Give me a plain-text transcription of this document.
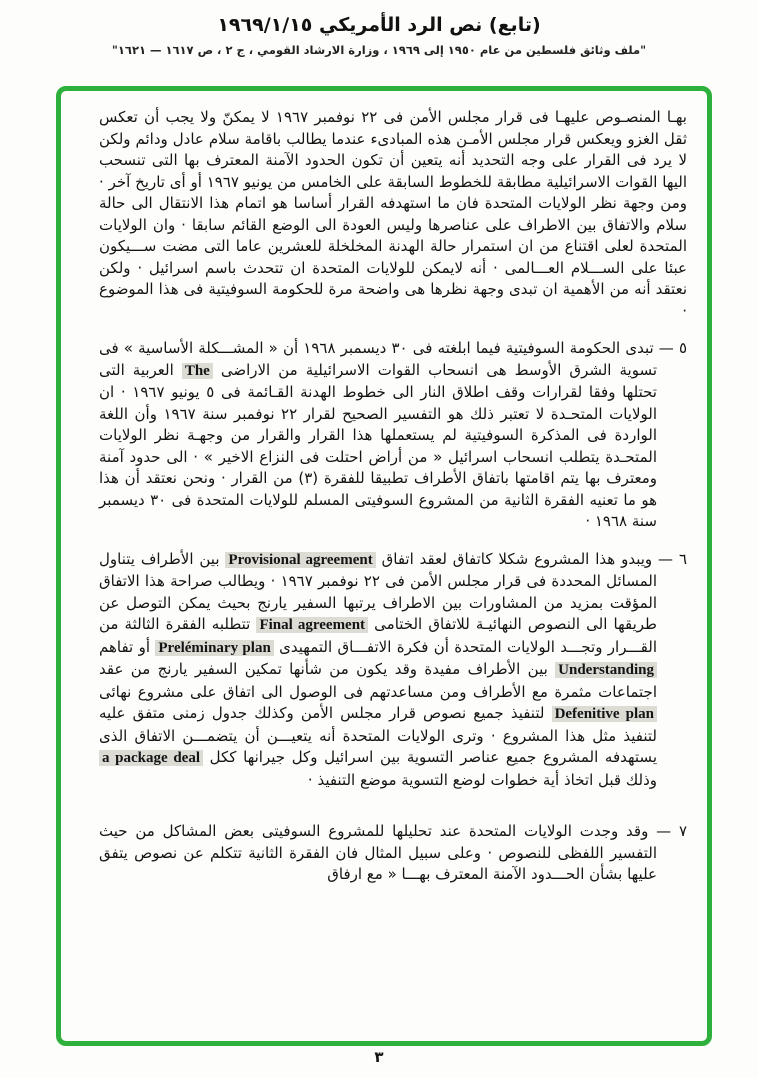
(تابع) نص الرد الأمريكي ١٩٦٩/١/١٥
"ملف وثائق فلسطين من عام ١٩٥٠ إلى ١٩٦٩ ، وزارة الارشاد القومي ، ج ٢ ، ص ١٦١٧ — ١٦٢١"

بهـا المنصـوص عليهـا فى قرار مجلس الأمن فى ٢٢ نوفمبر ١٩٦٧ لا يمكنّ ولا يجب أن تعكس ثقل الغزو ويعكس قرار مجلس الأمـن هذه المبادىء عندما يطالب باقامة سلام عادل ودائم ولكن لا يرد فى القرار على وجه التحديد أنه يتعين أن تكون الحدود الآمنة المعترف بها التى تنسحب اليها القوات الاسرائيلية مطابقة للخطوط السابقة على الخامس من يونيو ١٩٦٧ أو أى تاريخ آخر · ومن وجهة نظر الولايات المتحدة فان ما استهدفه القرار أساسا هو اتمام هذا الانتقال الى حالة سلام والاتفاق بين الاطراف على عناصرها وليس العودة الى الوضع القائم سابقا · وان الولايات المتحدة لعلى اقتناع من ان استمرار حالة الهدنة المخلخلة للعشرين عاما التى مضت ســـيكون عبئا على الســـلام العـــالمى · أنه لايمكن للولايات المتحدة ان تتحدث باسم اسرائيل · ولكن نعتقد أنه من الأهمية ان تبدى وجهة نظرها هى واضحة مرة للحكومة السوفيتية فى هذا الموضوع ·

٥ — تبدى الحكومة السوفيتية فيما ابلغته فى ٣٠ ديسمبر ١٩٦٨ أن « المشـــكلة الأساسية » فى تسوية الشرق الأوسط هى انسحاب القوات الاسرائيلية من الاراضى The العربية التى تحتلها وفقا لقرارات وقف اطلاق النار الى خطوط الهدنة القـائمة فى ٥ يونيو ١٩٦٧ · ان الولايات المتحـدة لا تعتبر ذلك هو التفسير الصحيح لقرار ٢٢ نوفمبر سنة ١٩٦٧ وأن اللغة الواردة فى المذكرة السوفيتية لم يستعملها هذا القرار والقرار من وجهـة نظر الولايات المتحـدة يتطلب انسحاب اسرائيل « من أراض احتلت فى النزاع الاخير » · الى حدود آمنة ومعترف بها يتم اقامتها باتفاق الأطراف تطبيقا للفقرة (٣) من القرار · ونحن نعتقد أن هذا هو ما تعنيه الفقرة الثانية من المشروع السوفيتى المسلم للولايات المتحدة فى ٣٠ ديسمبر سنة ١٩٦٨ ·

٦ — ويبدو هذا المشروع شكلا كاتفاق لعقد اتفاق Provisional agreement بين الأطراف يتناول المسائل المحددة فى قرار مجلس الأمن فى ٢٢ نوفمبر ١٩٦٧ · ويطالب صراحة هذا الاتفاق المؤقت بمزيد من المشاورات بين الاطراف يرتبها السفير يارنج بحيث يمكن التوصل عن طريقها الى النصوص النهائيـة للاتفاق الختامى Final agreement تتطلبه الفقرة الثالثة من القـــرار وتجـــد الولايات المتحدة أن فكرة الاتفـــاق التمهيدى Preléminary plan أو تفاهم Understanding بين الأطراف مفيدة وقد يكون من شأنها تمكين السفير يارنج من عقد اجتماعات مثمرة مع الأطراف ومن مساعدتهم فى الوصول الى اتفاق على مشروع نهائى Defenitive plan لتنفيذ جميع نصوص قرار مجلس الأمن وكذلك جدول زمنى متفق عليه لتنفيذ مثل هذا المشروع · وترى الولايات المتحدة أنه يتعيـــن أن يتضمـــن الاتفاق الذى يستهدفه المشروع جميع عناصر التسوية بين اسرائيل وكل جيرانها ككل a package deal وذلك قبل اتخاذ أية خطوات لوضع التسوية موضع التنفيذ ·

٧ — وقد وجدت الولايات المتحدة عند تحليلها للمشروع السوفيتى بعض المشاكل من حيث التفسير اللفظى للنصوص · وعلى سبيل المثال فان الفقرة الثانية تتكلم عن نصوص يتفق عليها بشأن الحـــدود الآمنة المعترف بهـــا « مع ارفاق

٣
